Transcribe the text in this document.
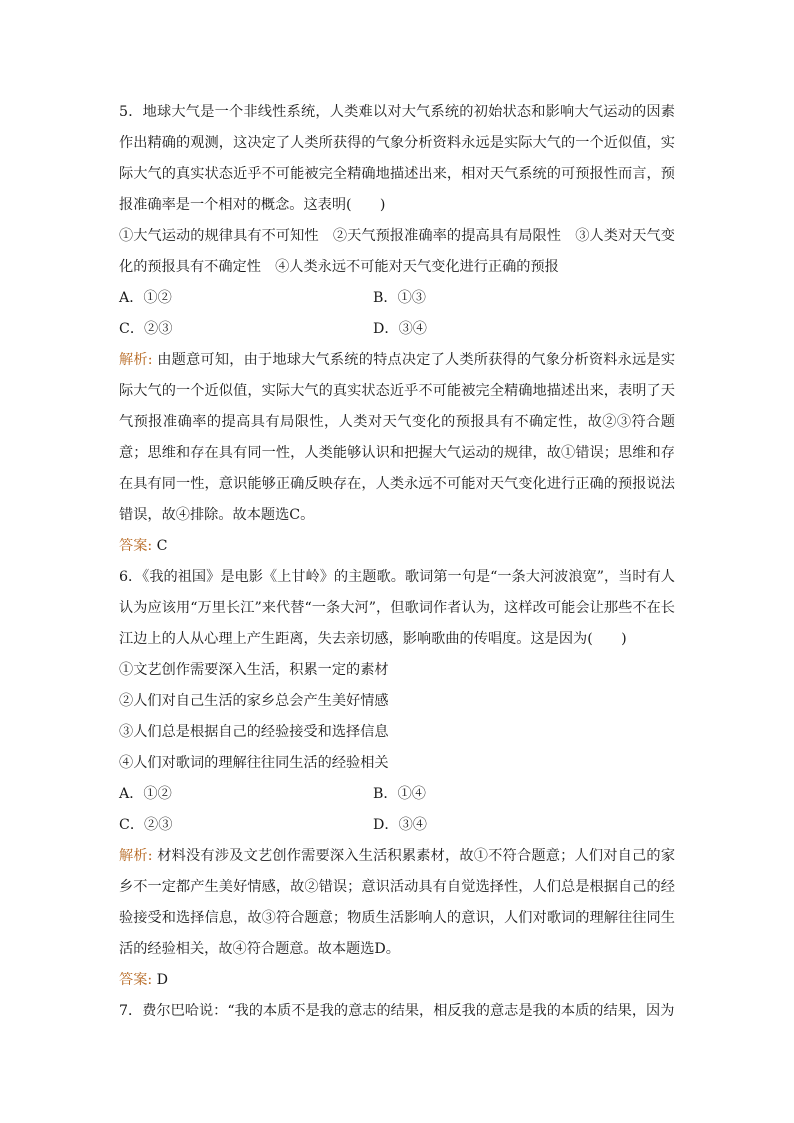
5．地球大气是一个非线性系统，人类难以对大气系统的初始状态和影响大气运动的因素作出精确的观测，这决定了人类所获得的气象分析资料永远是实际大气的一个近似值，实际大气的真实状态近乎不可能被完全精确地描述出来，相对天气系统的可预报性而言，预报准确率是一个相对的概念。这表明(　　)

①大气运动的规律具有不可知性　②天气预报准确率的提高具有局限性　③人类对天气变化的预报具有不确定性　④人类永远不可能对天气变化进行正确的预报

A．①②	B．①③

C．②③	D．③④

解析: 由题意可知，由于地球大气系统的特点决定了人类所获得的气象分析资料永远是实际大气的一个近似值，实际大气的真实状态近乎不可能被完全精确地描述出来，表明了天气预报准确率的提高具有局限性，人类对天气变化的预报具有不确定性，故②③符合题意；思维和存在具有同一性，人类能够认识和把握大气运动的规律，故①错误；思维和存在具有同一性，意识能够正确反映存在，人类永远不可能对天气变化进行正确的预报说法错误，故④排除。故本题选C。

答案: C

6．《我的祖国》是电影《上甘岭》的主题歌。歌词第一句是“一条大河波浪宽”，当时有人认为应该用“万里长江”来代替“一条大河”，但歌词作者认为，这样改可能会让那些不在长江边上的人从心理上产生距离，失去亲切感，影响歌曲的传唱度。这是因为(　　)

①文艺创作需要深入生活，积累一定的素材

②人们对自己生活的家乡总会产生美好情感

③人们总是根据自己的经验接受和选择信息

④人们对歌词的理解往往同生活的经验相关

A．①②	B．①④

C．②③	D．③④

解析: 材料没有涉及文艺创作需要深入生活积累素材，故①不符合题意；人们对自己的家乡不一定都产生美好情感，故②错误；意识活动具有自觉选择性，人们总是根据自己的经验接受和选择信息，故③符合题意；物质生活影响人的意识，人们对歌词的理解往往同生活的经验相关，故④符合题意。故本题选D。

答案: D

7．费尔巴哈说：“我的本质不是我的意志的结果，相反我的意志是我的本质的结果，因为
